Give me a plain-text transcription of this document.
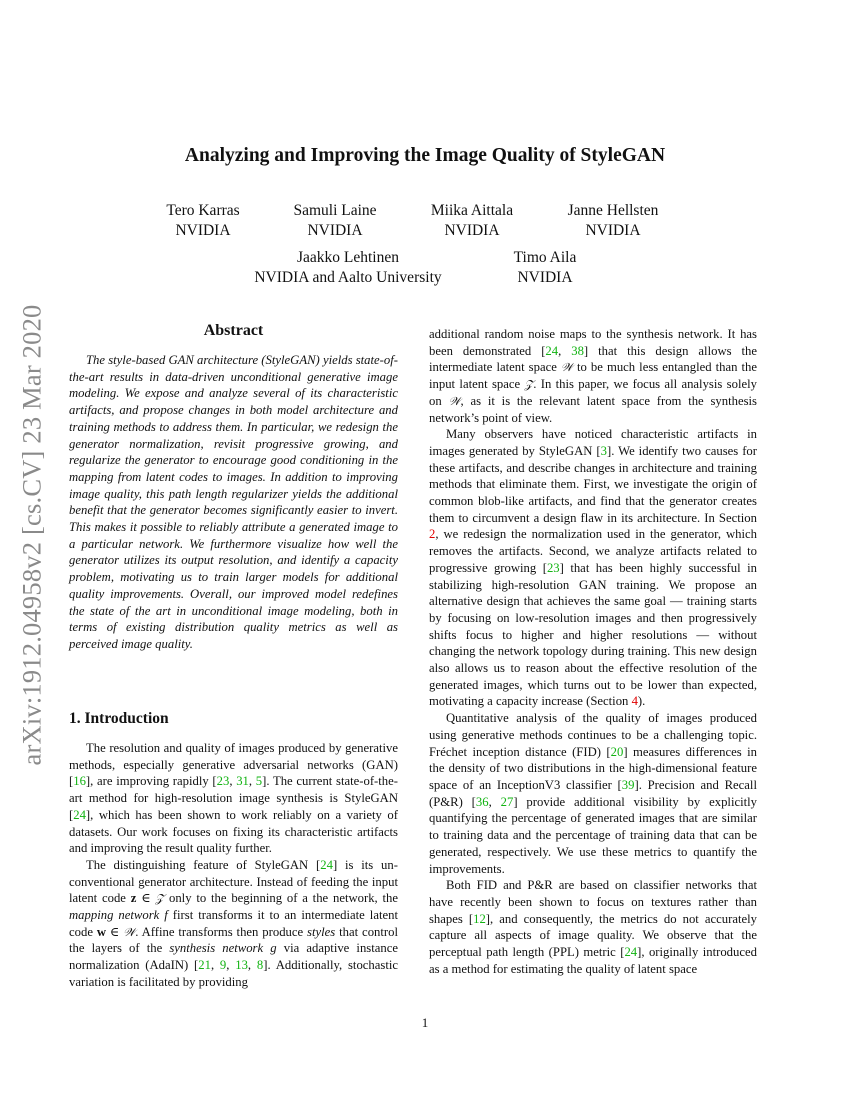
arXiv:1912.04958v2 [cs.CV] 23 Mar 2020
Analyzing and Improving the Image Quality of StyleGAN
Tero Karras
NVIDIA
Samuli Laine
NVIDIA
Miika Aittala
NVIDIA
Janne Hellsten
NVIDIA
Jaakko Lehtinen
NVIDIA and Aalto University
Timo Aila
NVIDIA
Abstract

The style-based GAN architecture (StyleGAN) yields state-of-the-art results in data-driven unconditional generative image modeling. We expose and analyze several of its characteristic artifacts, and propose changes in both model architecture and training methods to address them. In particular, we redesign the generator normalization, revisit progressive growing, and regularize the generator to encourage good conditioning in the mapping from latent codes to images. In addition to improving image quality, this path length regularizer yields the additional benefit that the generator becomes significantly easier to invert. This makes it possible to reliably attribute a generated image to a particular network. We furthermore visualize how well the generator utilizes its output resolution, and identify a capacity problem, motivating us to train larger models for additional quality improvements. Overall, our improved model redefines the state of the art in unconditional image modeling, both in terms of existing distribution quality metrics as well as perceived image quality.

1. Introduction

The resolution and quality of images produced by generative methods, especially generative adversarial networks (GAN) [16], are improving rapidly [23, 31, 5]. The current state-of-the-art method for high-resolution image synthesis is StyleGAN [24], which has been shown to work reliably on a variety of datasets. Our work focuses on fixing its characteristic artifacts and improving the result quality further.

The distinguishing feature of StyleGAN [24] is its unconventional generator architecture. Instead of feeding the input latent code z ∈ 𝒵 only to the beginning of a the network, the mapping network f first transforms it to an intermediate latent code w ∈ 𝒲. Affine transforms then produce styles that control the layers of the synthesis network g via adaptive instance normalization (AdaIN) [21, 9, 13, 8]. Additionally, stochastic variation is facilitated by providing

additional random noise maps to the synthesis network. It has been demonstrated [24, 38] that this design allows the intermediate latent space 𝒲 to be much less entangled than the input latent space 𝒵. In this paper, we focus all analysis solely on 𝒲, as it is the relevant latent space from the synthesis network’s point of view.

Many observers have noticed characteristic artifacts in images generated by StyleGAN [3]. We identify two causes for these artifacts, and describe changes in architecture and training methods that eliminate them. First, we investigate the origin of common blob-like artifacts, and find that the generator creates them to circumvent a design flaw in its architecture. In Section 2, we redesign the normalization used in the generator, which removes the artifacts. Second, we analyze artifacts related to progressive growing [23] that has been highly successful in stabilizing high-resolution GAN training. We propose an alternative design that achieves the same goal — training starts by focusing on low-resolution images and then progressively shifts focus to higher and higher resolutions — without changing the network topology during training. This new design also allows us to reason about the effective resolution of the generated images, which turns out to be lower than expected, motivating a capacity increase (Section 4).

Quantitative analysis of the quality of images produced using generative methods continues to be a challenging topic. Fréchet inception distance (FID) [20] measures differences in the density of two distributions in the high-dimensional feature space of an InceptionV3 classifier [39]. Precision and Recall (P&R) [36, 27] provide additional visibility by explicitly quantifying the percentage of generated images that are similar to training data and the percentage of training data that can be generated, respectively. We use these metrics to quantify the improvements.

Both FID and P&R are based on classifier networks that have recently been shown to focus on textures rather than shapes [12], and consequently, the metrics do not accurately capture all aspects of image quality. We observe that the perceptual path length (PPL) metric [24], originally introduced as a method for estimating the quality of latent space

1
